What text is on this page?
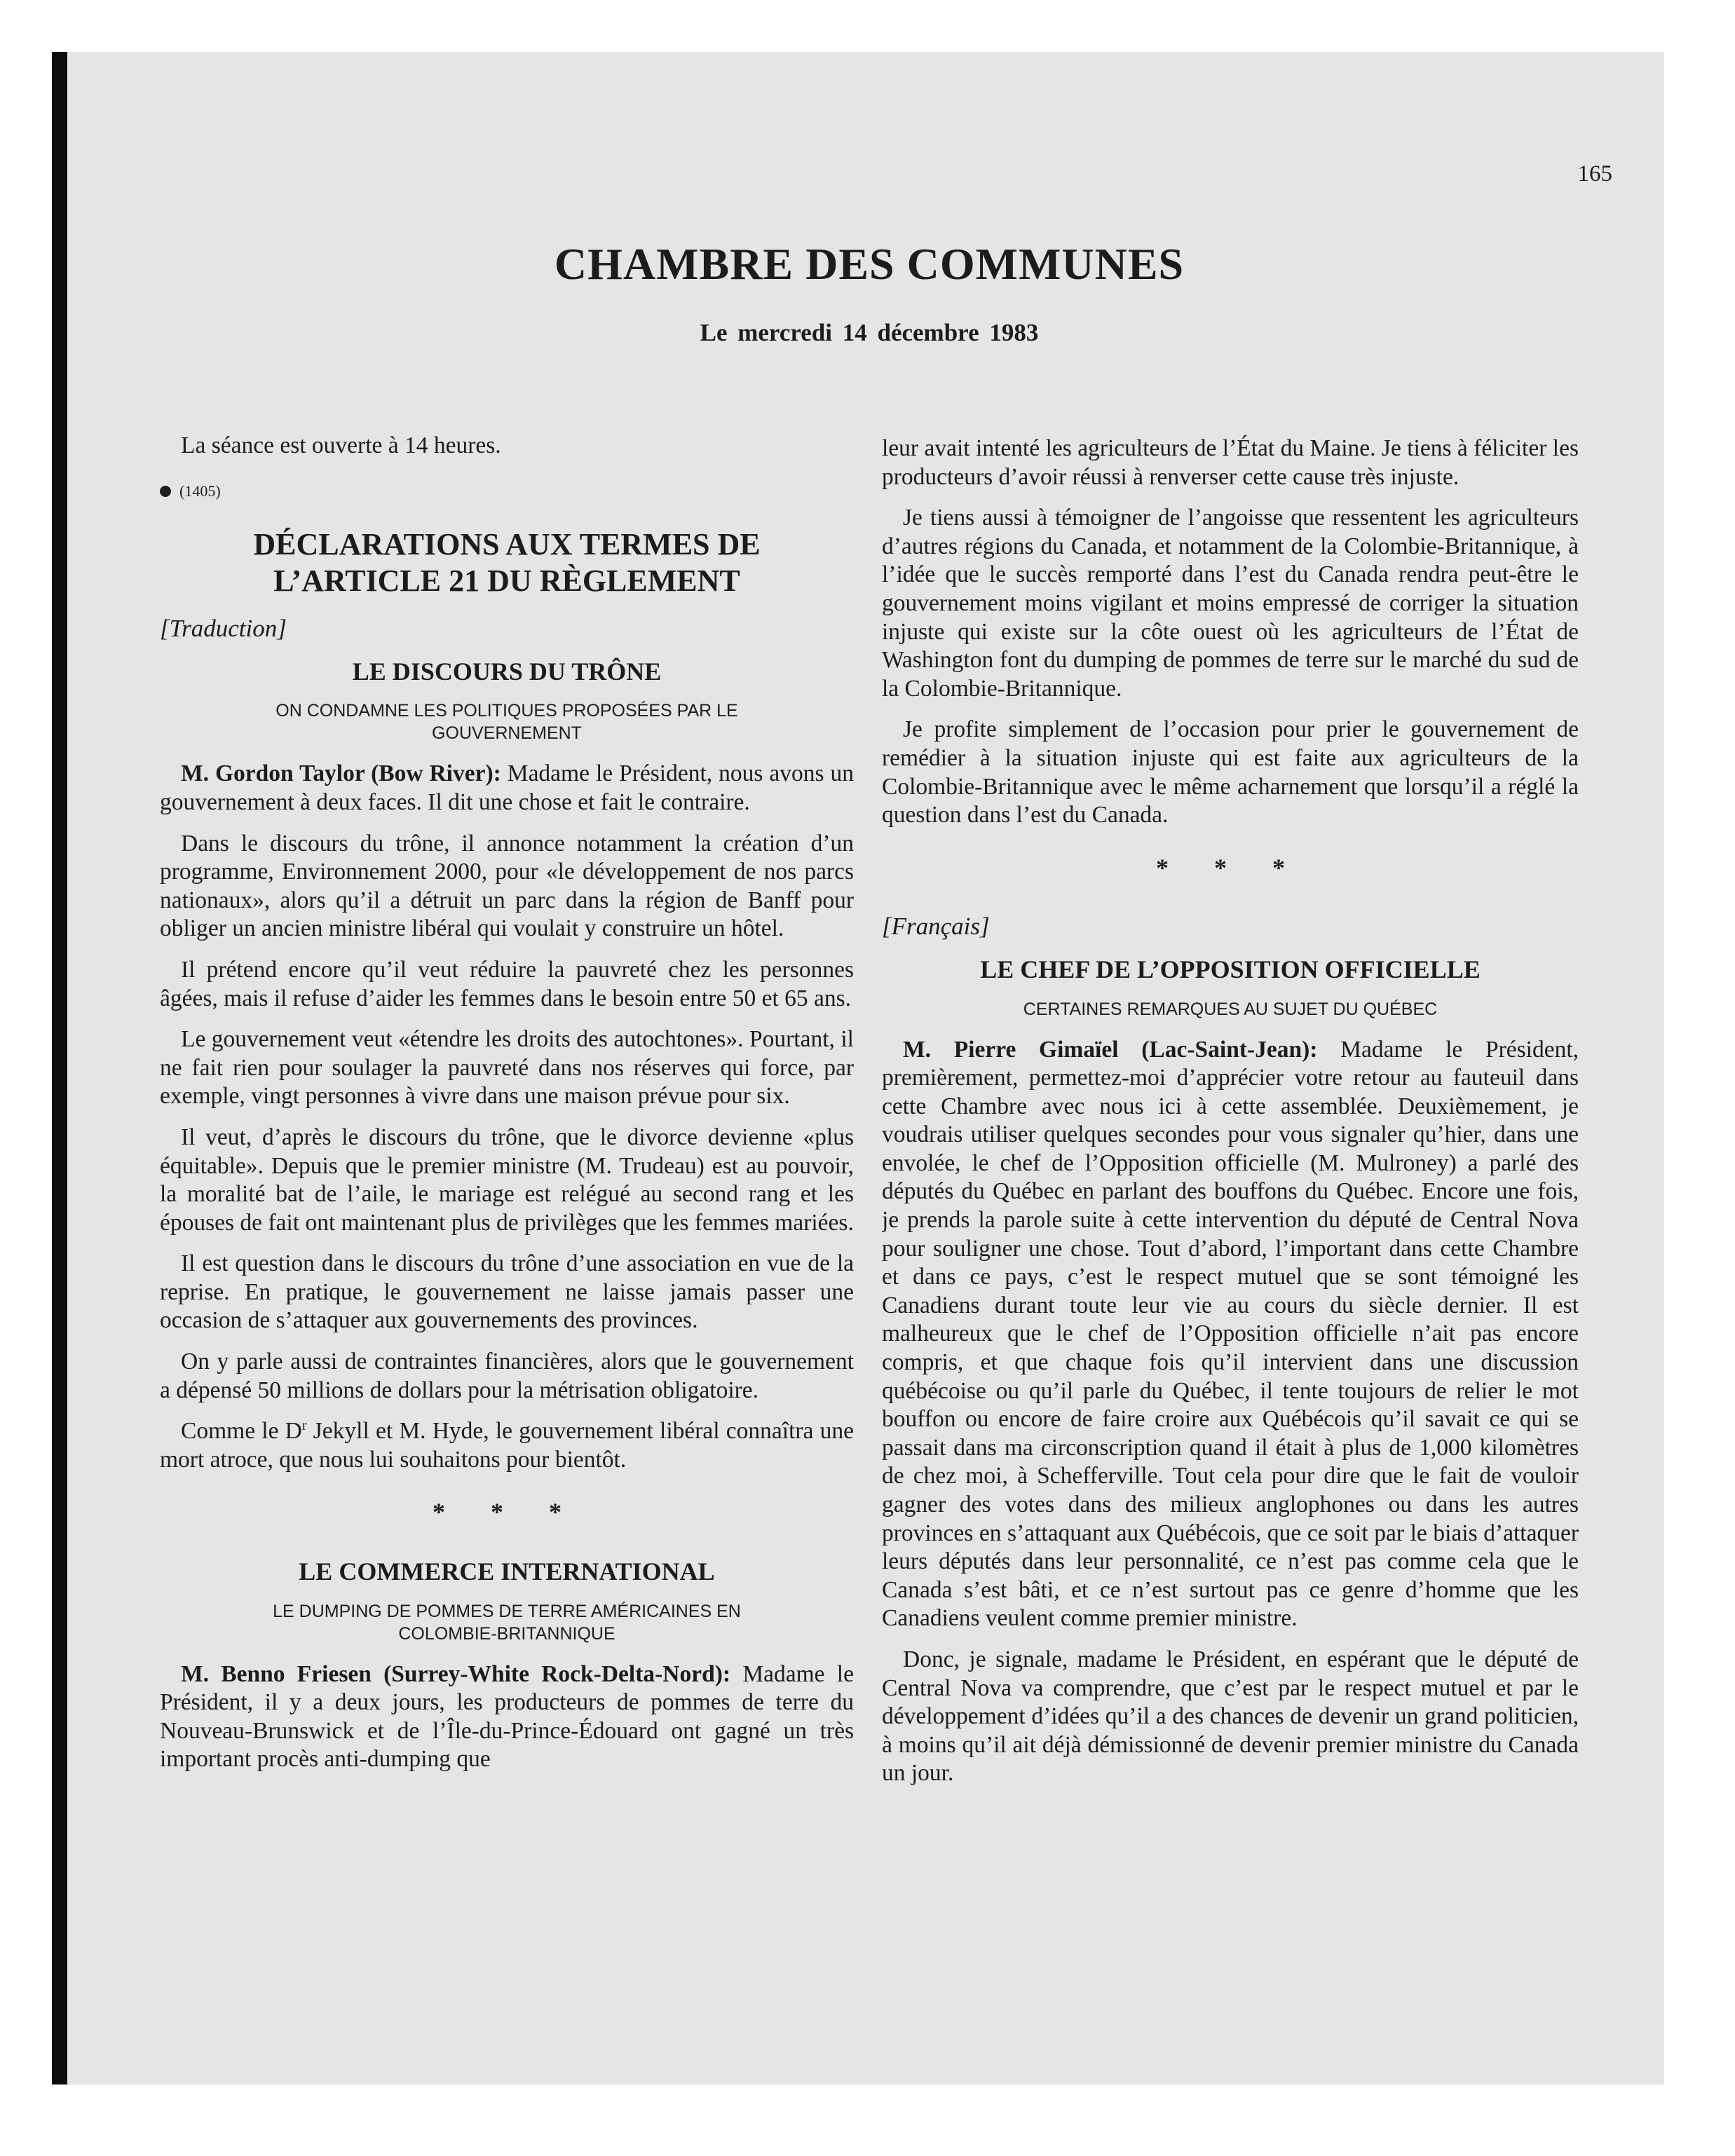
165
CHAMBRE DES COMMUNES
Le mercredi 14 décembre 1983

La séance est ouverte à 14 heures.

(1405)
DÉCLARATIONS AUX TERMES DE
L’ARTICLE 21 DU RÈGLEMENT
[Traduction]
LE DISCOURS DU TRÔNE
ON CONDAMNE LES POLITIQUES PROPOSÉES PAR LE
GOUVERNEMENT

M. Gordon Taylor (Bow River): Madame le Président, nous avons un gouvernement à deux faces. Il dit une chose et fait le contraire.

Dans le discours du trône, il annonce notamment la création d’un programme, Environnement 2000, pour «le développement de nos parcs nationaux», alors qu’il a détruit un parc dans la région de Banff pour obliger un ancien ministre libéral qui voulait y construire un hôtel.

Il prétend encore qu’il veut réduire la pauvreté chez les personnes âgées, mais il refuse d’aider les femmes dans le besoin entre 50 et 65 ans.

Le gouvernement veut «étendre les droits des autochtones». Pourtant, il ne fait rien pour soulager la pauvreté dans nos réserves qui force, par exemple, vingt personnes à vivre dans une maison prévue pour six.

Il veut, d’après le discours du trône, que le divorce devienne «plus équitable». Depuis que le premier ministre (M. Trudeau) est au pouvoir, la moralité bat de l’aile, le mariage est relégué au second rang et les épouses de fait ont maintenant plus de privilèges que les femmes mariées.

Il est question dans le discours du trône d’une association en vue de la reprise. En pratique, le gouvernement ne laisse jamais passer une occasion de s’attaquer aux gouvernements des provinces.

On y parle aussi de contraintes financières, alors que le gouvernement a dépensé 50 millions de dollars pour la métrisation obligatoire.

Comme le $D^r$ Jekyll et M. Hyde, le gouvernement libéral connaîtra une mort atroce, que nous lui souhaitons pour bientôt.

* * *
LE COMMERCE INTERNATIONAL
LE DUMPING DE POMMES DE TERRE AMÉRICAINES EN
COLOMBIE-BRITANNIQUE

M. Benno Friesen (Surrey-White Rock-Delta-Nord): Madame le Président, il y a deux jours, les producteurs de pommes de terre du Nouveau-Brunswick et de l’Île-du-Prince-Édouard ont gagné un très important procès anti-dumping que

leur avait intenté les agriculteurs de l’État du Maine. Je tiens à féliciter les producteurs d’avoir réussi à renverser cette cause très injuste.

Je tiens aussi à témoigner de l’angoisse que ressentent les agriculteurs d’autres régions du Canada, et notamment de la Colombie-Britannique, à l’idée que le succès remporté dans l’est du Canada rendra peut-être le gouvernement moins vigilant et moins empressé de corriger la situation injuste qui existe sur la côte ouest où les agriculteurs de l’État de Washington font du dumping de pommes de terre sur le marché du sud de la Colombie-Britannique.

Je profite simplement de l’occasion pour prier le gouvernement de remédier à la situation injuste qui est faite aux agriculteurs de la Colombie-Britannique avec le même acharnement que lorsqu’il a réglé la question dans l’est du Canada.

* * *
[Français]
LE CHEF DE L’OPPOSITION OFFICIELLE
CERTAINES REMARQUES AU SUJET DU QUÉBEC

M. Pierre Gimaïel (Lac-Saint-Jean): Madame le Président, premièrement, permettez-moi d’apprécier votre retour au fauteuil dans cette Chambre avec nous ici à cette assemblée. Deuxièmement, je voudrais utiliser quelques secondes pour vous signaler qu’hier, dans une envolée, le chef de l’Opposition officielle (M. Mulroney) a parlé des députés du Québec en parlant des bouffons du Québec. Encore une fois, je prends la parole suite à cette intervention du député de Central Nova pour souligner une chose. Tout d’abord, l’important dans cette Chambre et dans ce pays, c’est le respect mutuel que se sont témoigné les Canadiens durant toute leur vie au cours du siècle dernier. Il est malheureux que le chef de l’Opposition officielle n’ait pas encore compris, et que chaque fois qu’il intervient dans une discussion québécoise ou qu’il parle du Québec, il tente toujours de relier le mot bouffon ou encore de faire croire aux Québécois qu’il savait ce qui se passait dans ma circonscription quand il était à plus de 1,000 kilomètres de chez moi, à Schefferville. Tout cela pour dire que le fait de vouloir gagner des votes dans des milieux anglophones ou dans les autres provinces en s’attaquant aux Québécois, que ce soit par le biais d’attaquer leurs députés dans leur personnalité, ce n’est pas comme cela que le Canada s’est bâti, et ce n’est surtout pas ce genre d’homme que les Canadiens veulent comme premier ministre.

Donc, je signale, madame le Président, en espérant que le député de Central Nova va comprendre, que c’est par le respect mutuel et par le développement d’idées qu’il a des chances de devenir un grand politicien, à moins qu’il ait déjà démissionné de devenir premier ministre du Canada un jour.
